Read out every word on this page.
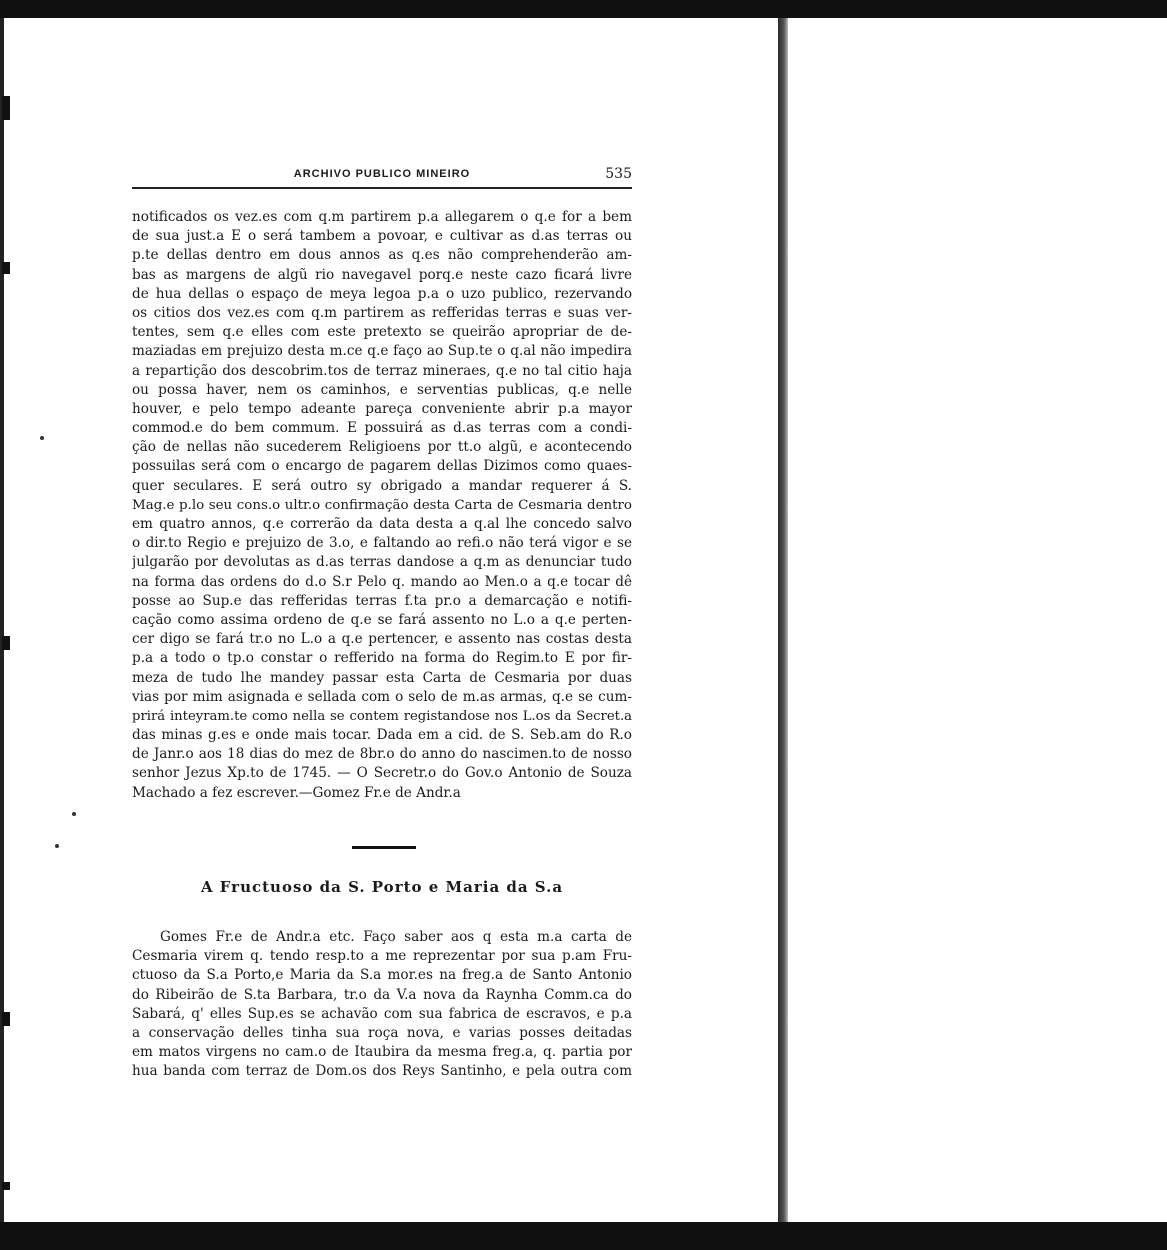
ARCHIVO PUBLICO MINEIRO	535
notificados os vez.es com q.m partirem p.a allegarem o q.e for a bem
de sua just.a E o será tambem a povoar, e cultivar as d.as terras ou
p.te dellas dentro em dous annos as q.es não comprehenderão am-
bas as margens de algũ rio navegavel porq.e neste cazo ficará livre
de hua dellas o espaço de meya legoa p.a o uzo publico, rezervando
os citios dos vez.es com q.m partirem as refferidas terras e suas ver-
tentes, sem q.e elles com este pretexto se queirão apropriar de de-
maziadas em prejuizo desta m.ce q.e faço ao Sup.te o q.al não impedira
a repartição dos descobrim.tos de terraz mineraes, q.e no tal citio haja
ou possa haver, nem os caminhos, e serventias publicas, q.e nelle
houver, e pelo tempo adeante pareça conveniente abrir p.a mayor
commod.e do bem commum. E possuirá as d.as terras com a condi-
ção de nellas não sucederem Religioens por tt.o algũ, e acontecendo
possuilas será com o encargo de pagarem dellas Dizimos como quaes-
quer seculares. E será outro sy obrigado a mandar requerer á S.
Mag.e p.lo seu cons.o ultr.o confirmação desta Carta de Cesmaria dentro
em quatro annos, q.e correrão da data desta a q.al lhe concedo salvo
o dir.to Regio e prejuizo de 3.o, e faltando ao refi.o não terá vigor e se
julgarão por devolutas as d.as terras dandose a q.m as denunciar tudo
na forma das ordens do d.o S.r Pelo q. mando ao Men.o a q.e tocar dê
posse ao Sup.e das refferidas terras f.ta pr.o a demarcação e notifi-
cação como assima ordeno de q.e se fará assento no L.o a q.e perten-
cer digo se fará tr.o no L.o a q.e pertencer, e assento nas costas desta
p.a a todo o tp.o constar o refferido na forma do Regim.to E por fir-
meza de tudo lhe mandey passar esta Carta de Cesmaria por duas
vias por mim asignada e sellada com o selo de m.as armas, q.e se cum-
prirá inteyram.te como nella se contem registandose nos L.os da Secret.a
das minas g.es e onde mais tocar. Dada em a cid. de S. Seb.am do R.o
de Janr.o aos 18 dias do mez de 8br.o do anno do nascimen.to de nosso
senhor Jezus Xp.to de 1745. — O Secretr.o do Gov.o Antonio de Souza
Machado a fez escrever.—Gomez Fr.e de Andr.a
A Fructuoso da S. Porto e Maria da S.a
Gomes Fr.e de Andr.a etc. Faço saber aos q esta m.a carta de
Cesmaria virem q. tendo resp.to a me reprezentar por sua p.am Fru-
ctuoso da S.a Porto,e Maria da S.a mor.es na freg.a de Santo Antonio
do Ribeirão de S.ta Barbara, tr.o da V.a nova da Raynha Comm.ca do
Sabará, q' elles Sup.es se achavão com sua fabrica de escravos, e p.a
a conservação delles tinha sua roça nova, e varias posses deitadas
em matos virgens no cam.o de Itaubira da mesma freg.a, q. partia por
hua banda com terraz de Dom.os dos Reys Santinho, e pela outra com
